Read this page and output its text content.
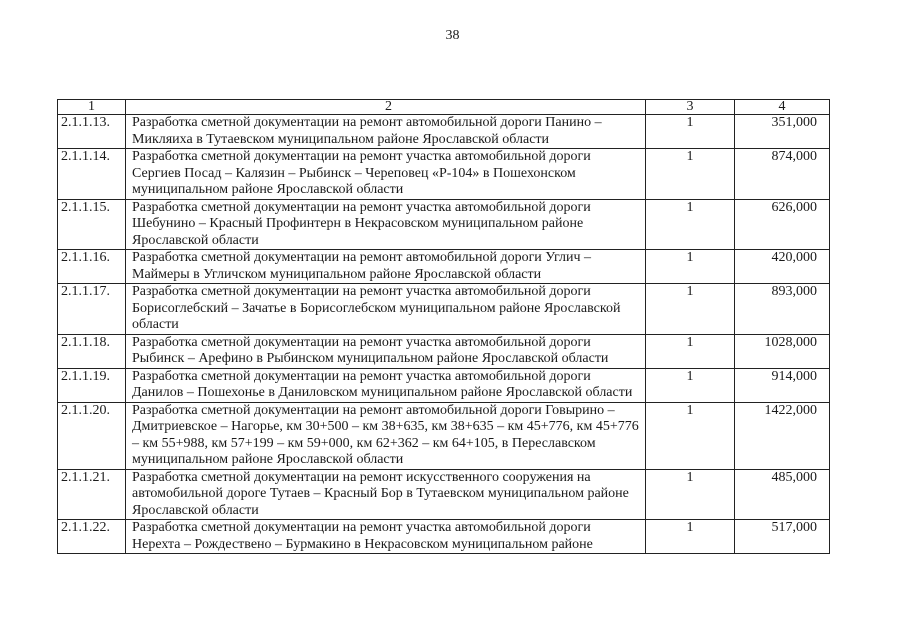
38
1	2	3	4
2.1.1.13.	Разработка сметной документации на ремонт автомобильной дороги Панино – Микляиха в Тутаевском муниципальном районе Ярославской области	1	351,000
2.1.1.14.	Разработка сметной документации на ремонт участка автомобильной дороги Сергиев Посад – Калязин – Рыбинск – Череповец «Р-104» в Пошехонском муниципальном районе Ярославской области	1	874,000
2.1.1.15.	Разработка сметной документации на ремонт участка автомобильной дороги Шебунино – Красный Профинтерн в Некрасовском муниципальном районе Ярославской области	1	626,000
2.1.1.16.	Разработка сметной документации на ремонт автомобильной дороги Углич – Маймеры в Угличском муниципальном районе Ярославской области	1	420,000
2.1.1.17.	Разработка сметной документации на ремонт участка автомобильной дороги Борисоглебский – Зачатье в Борисоглебском муниципальном районе Ярославской области	1	893,000
2.1.1.18.	Разработка сметной документации на ремонт участка автомобильной дороги Рыбинск – Арефино в Рыбинском муниципальном районе Ярославской области	1	1028,000
2.1.1.19.	Разработка сметной документации на ремонт участка автомобильной дороги Данилов – Пошехонье в Даниловском муниципальном районе Ярославской области	1	914,000
2.1.1.20.	Разработка сметной документации на ремонт автомобильной дороги Говырино – Дмитриевское – Нагорье, км 30+500 – км 38+635, км 38+635 – км 45+776, км 45+776 – км 55+988, км 57+199 – км 59+000, км 62+362 – км 64+105, в Переславском муниципальном районе Ярославской области	1	1422,000
2.1.1.21.	Разработка сметной документации на ремонт искусственного сооружения на автомобильной дороге Тутаев – Красный Бор в Тутаевском муниципальном районе Ярославской области	1	485,000
2.1.1.22.	Разработка сметной документации на ремонт участка автомобильной дороги Нерехта – Рождествено – Бурмакино в Некрасовском муниципальном районе	1	517,000
